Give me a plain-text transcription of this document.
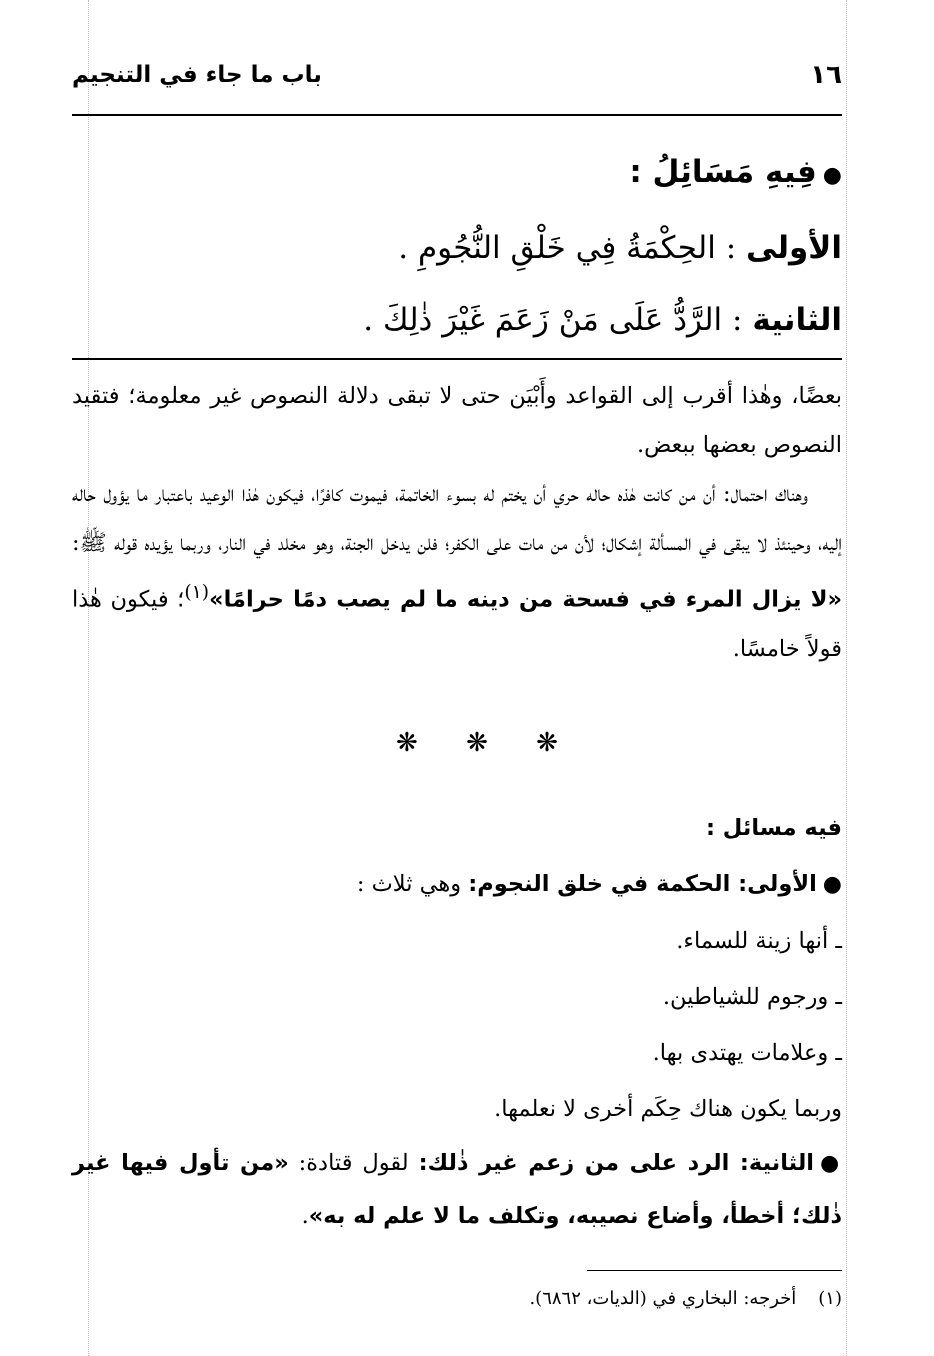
١٦
باب ما جاء في التنجيم
●فِيهِ مَسَائِلُ :
الأولى : الحِكْمَةُ فِي خَلْقِ النُّجُومِ .
الثانية : الرَّدُّ عَلَى مَنْ زَعَمَ غَيْرَ ذٰلِكَ .

بعضًا، وهٰذا أقرب إلى القواعد وأَبْيَن حتى لا تبقى دلالة النصوص غير معلومة؛ فتقيد النصوص بعضها ببعض.

وهناك احتمال: أن من كانت هٰذه حاله حري أن يختم له بسوء الخاتمة، فيموت كافرًا، فيكون هٰذا الوعيد باعتبار ما يؤول حاله إليه، وحينئذ لا يبقى في المسألة إشكال؛ لأن من مات على الكفر؛ فلن يدخل الجنة، وهو مخلد في النار، وربما يؤيده قوله ﷺ: «لا يزال المرء في فسحة من دينه ما لم يصب دمًا حرامًا»$^{(١)}$؛ فيكون هٰذا قولاً خامسًا.

❋ ❋ ❋
فيه مسائل :
●الأولى: الحكمة في خلق النجوم: وهي ثلاث :
ـ أنها زينة للسماء.
ـ ورجوم للشياطين.
ـ وعلامات يهتدى بها.
وربما يكون هناك حِكَم أخرى لا نعلمها.
●الثانية: الرد على من زعم غير ذٰلك: لقول قتادة: «من تأول فيها غير ذٰلك؛ أخطأ، وأضاع نصيبه، وتكلف ما لا علم له به».
(١)أخرجه: البخاري في (الديات، ٦٨٦٢).
